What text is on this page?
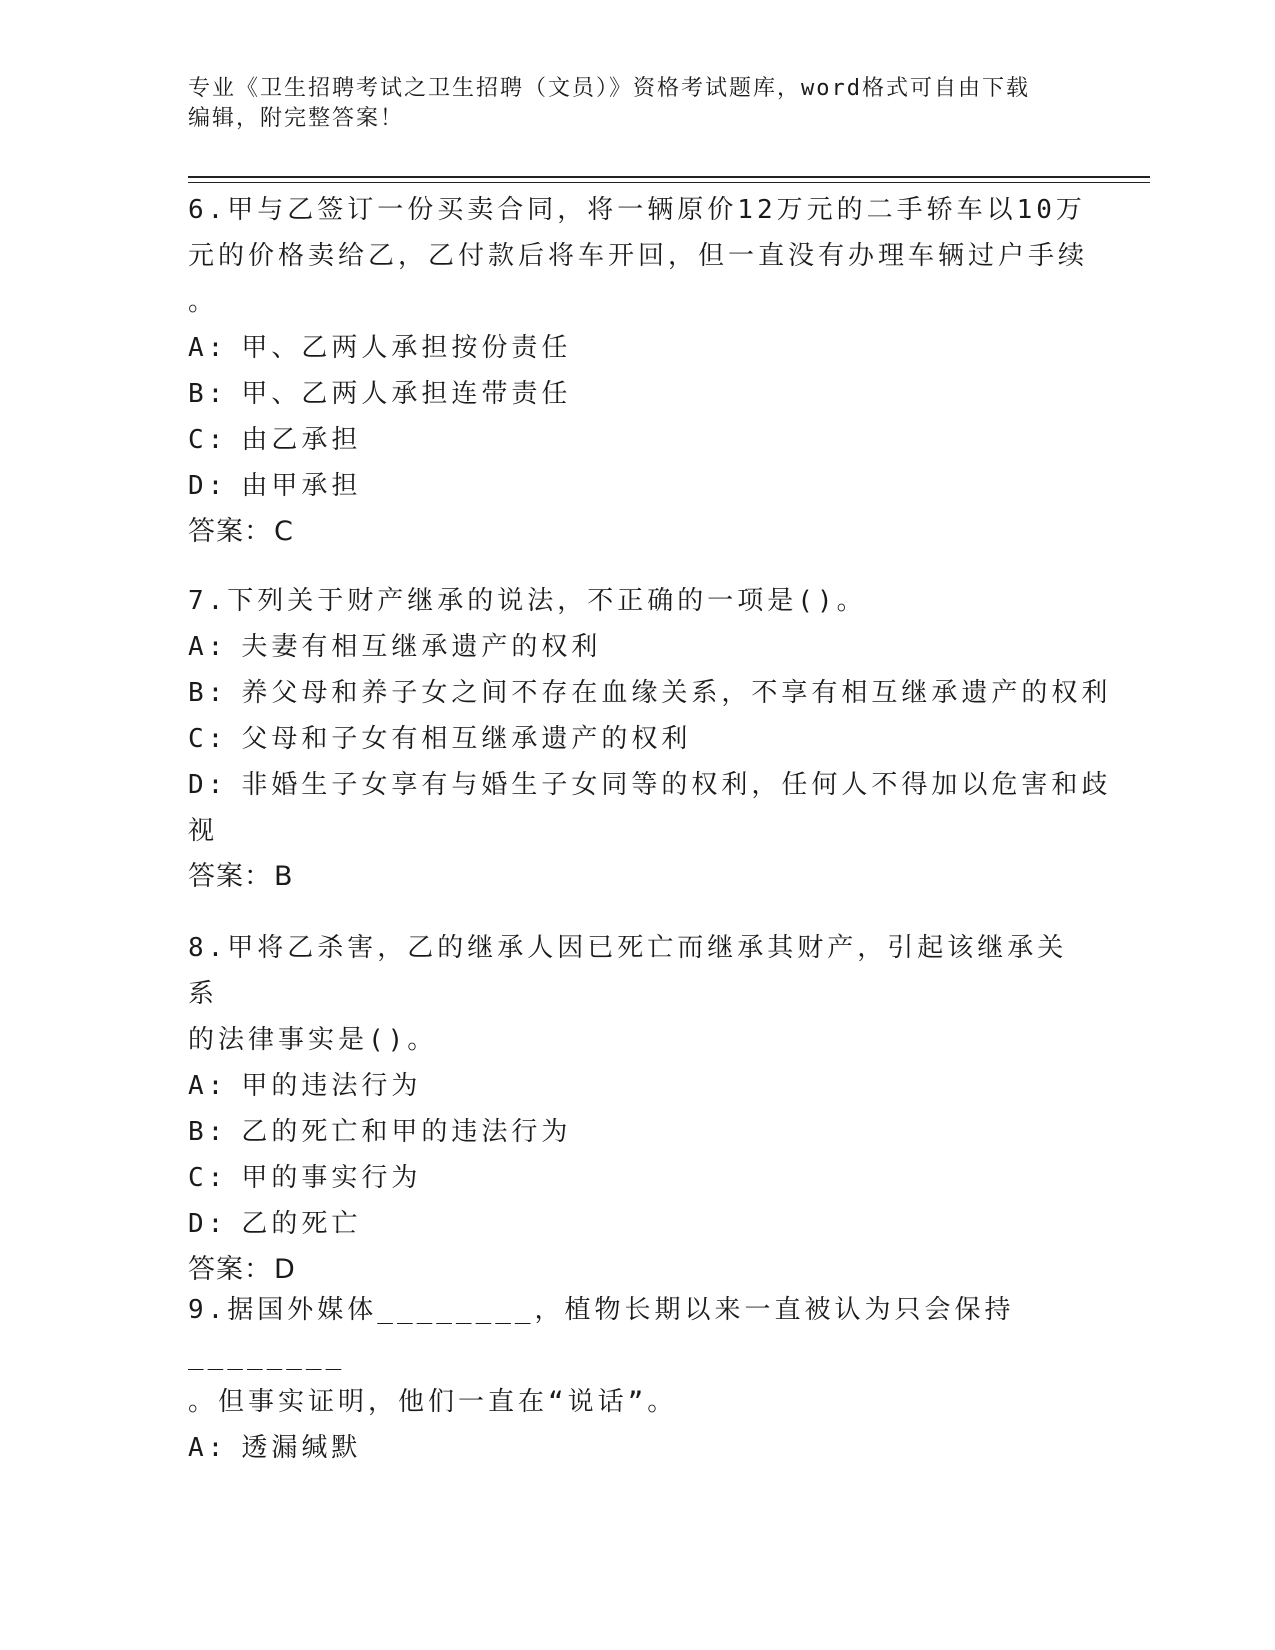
专业《卫生招聘考试之卫生招聘（文员）》资格考试题库，word格式可自由下载
编辑，附完整答案！

6.甲与乙签订一份买卖合同，将一辆原价12万元的二手轿车以10万

元的价格卖给乙，乙付款后将车开回，但一直没有办理车辆过户手续

。

A: 甲、乙两人承担按份责任

B: 甲、乙两人承担连带责任

C: 由乙承担

D: 由甲承担

答案：C

7.下列关于财产继承的说法，不正确的一项是()。

A: 夫妻有相互继承遗产的权利

B: 养父母和养子女之间不存在血缘关系，不享有相互继承遗产的权利

C: 父母和子女有相互继承遗产的权利

D: 非婚生子女享有与婚生子女同等的权利，任何人不得加以危害和歧

视

答案：B

8.甲将乙杀害，乙的继承人因已死亡而继承其财产，引起该继承关系

的法律事实是()。

A: 甲的违法行为

B: 乙的死亡和甲的违法行为

C: 甲的事实行为

D: 乙的死亡

答案：D

9.据国外媒体________，植物长期以来一直被认为只会保持________

。但事实证明，他们一直在“说话”。

A: 透漏缄默
